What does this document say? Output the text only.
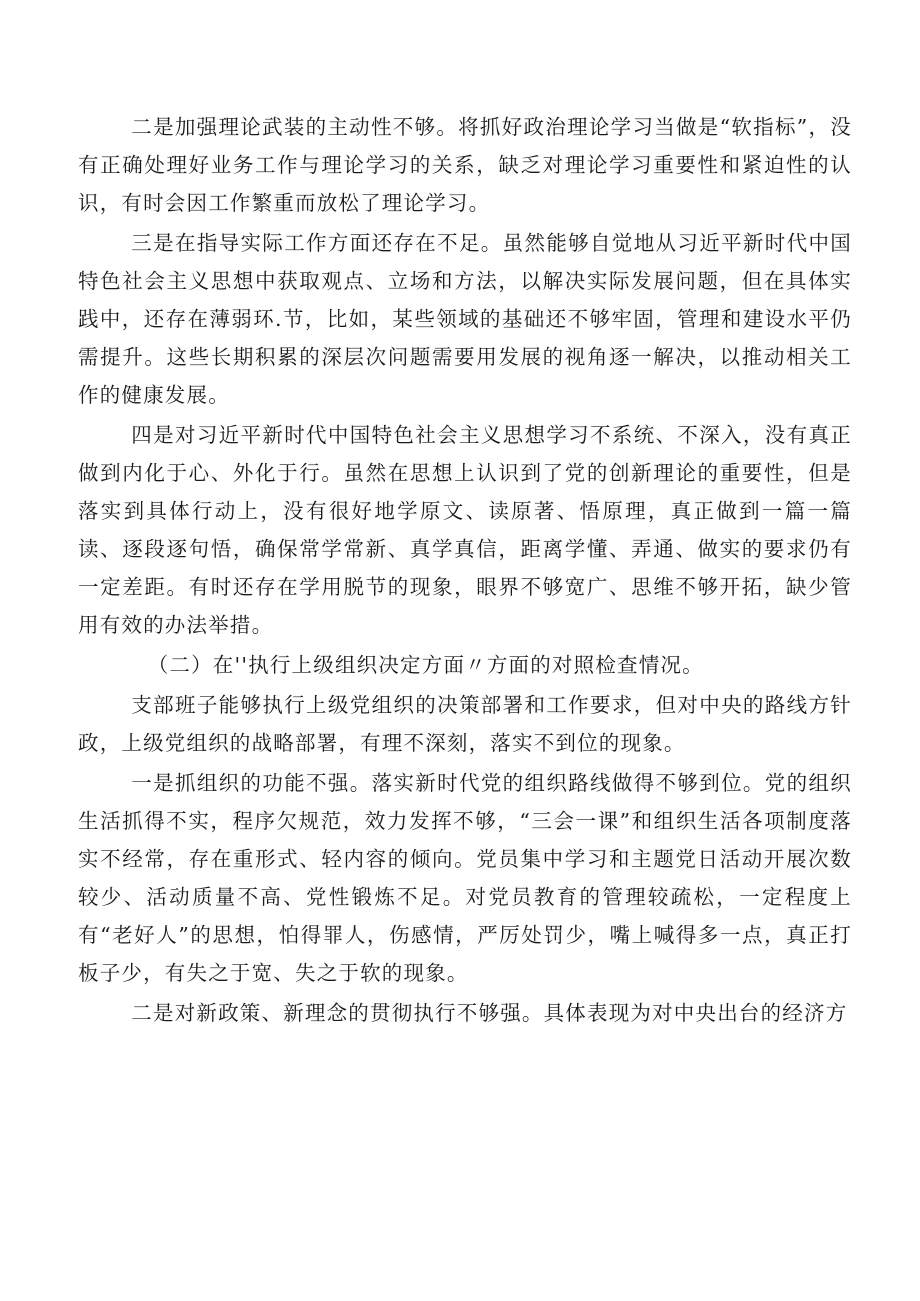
二是加强理论武装的主动性不够。将抓好政治理论学习当做是“软指标”，没有正确处理好业务工作与理论学习的关系，缺乏对理论学习重要性和紧迫性的认识，有时会因工作繁重而放松了理论学习。

三是在指导实际工作方面还存在不足。虽然能够自觉地从习近平新时代中国特色社会主义思想中获取观点、立场和方法，以解决实际发展问题，但在具体实践中，还存在薄弱环.节，比如，某些领域的基础还不够牢固，管理和建设水平仍需提升。这些长期积累的深层次问题需要用发展的视角逐一解决，以推动相关工作的健康发展。

四是对习近平新时代中国特色社会主义思想学习不系统、不深入，没有真正做到内化于心、外化于行。虽然在思想上认识到了党的创新理论的重要性，但是落实到具体行动上，没有很好地学原文、读原著、悟原理，真正做到一篇一篇读、逐段逐句悟，确保常学常新、真学真信，距离学懂、弄通、做实的要求仍有一定差距。有时还存在学用脱节的现象，眼界不够宽广、思维不够开拓，缺少管用有效的办法举措。

（二）在''执行上级组织决定方面〃方面的对照检查情况。

支部班子能够执行上级党组织的决策部署和工作要求，但对中央的路线方针政，上级党组织的战略部署，有理不深刻，落实不到位的现象。

一是抓组织的功能不强。落实新时代党的组织路线做得不够到位。党的组织生活抓得不实，程序欠规范，效力发挥不够，“三会一课”和组织生活各项制度落实不经常，存在重形式、轻内容的倾向。党员集中学习和主题党日活动开展次数较少、活动质量不高、党性锻炼不足。对党员教育的管理较疏松，一定程度上有“老好人”的思想，怕得罪人，伤感情，严厉处罚少，嘴上喊得多一点，真正打板子少，有失之于宽、失之于软的现象。

二是对新政策、新理念的贯彻执行不够强。具体表现为对中央出台的经济方
